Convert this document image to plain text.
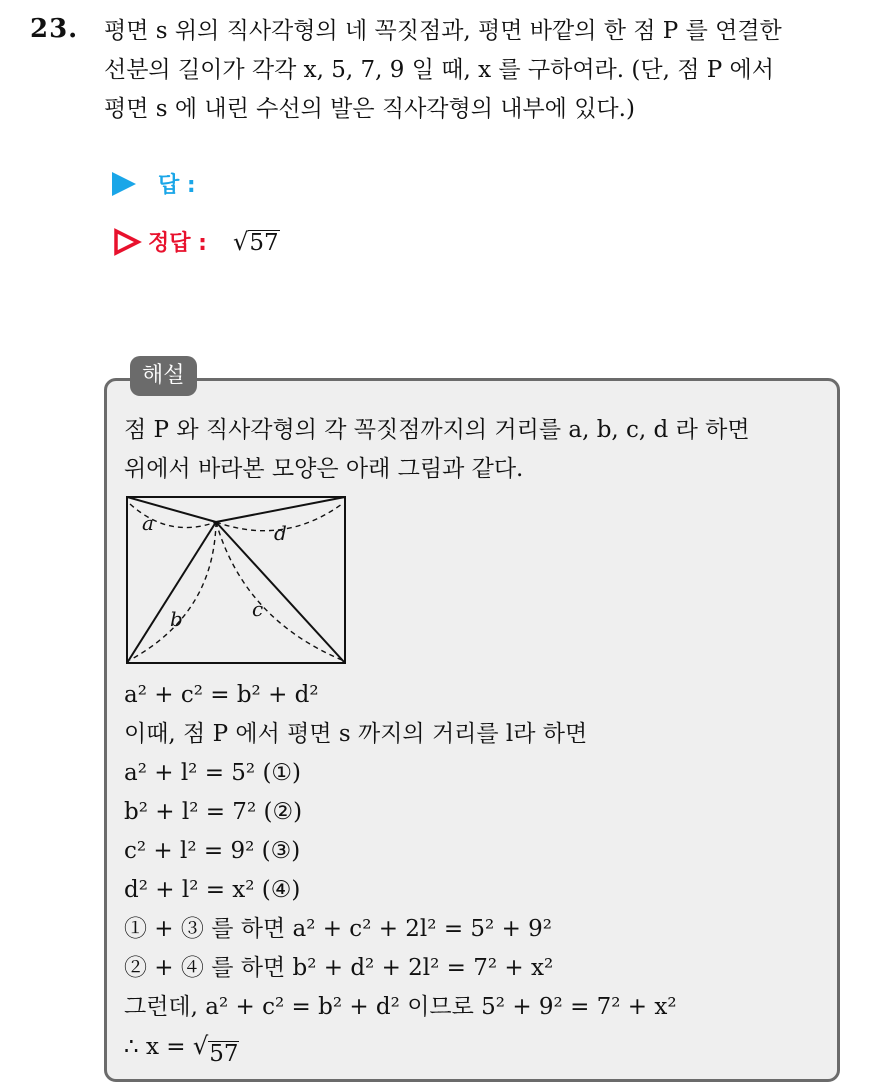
23. 평면 s 위의 직사각형의 네 꼭짓점과, 평면 바깥의 한 점 P 를 연결한
선분의 길이가 각각 x, 5, 7, 9 일 때, x 를 구하여라. (단, 점 P 에서
평면 s 에 내린 수선의 발은 직사각형의 내부에 있다.)
답 :
정답 : √ 57
해설
점 P 와 직사각형의 각 꼭짓점까지의 거리를 a, b, c, d 라 하면
위에서 바라본 모양은 아래 그림과 같다.
a	d
b	c
a² + c² = b² + d²
이때, 점 P 에서 평면 s 까지의 거리를 l라 하면
a² + l² = 5² (①)
b² + l² = 7² (②)
c² + l² = 9² (③)
d² + l² = x² (④)
① + ③ 를 하면 a² + c² + 2l² = 5² + 9²
② + ④ 를 하면 b² + d² + 2l² = 7² + x²
그런데, a² + c² = b² + d² 이므로 5² + 9² = 7² + x²
∴ x = √ 57
